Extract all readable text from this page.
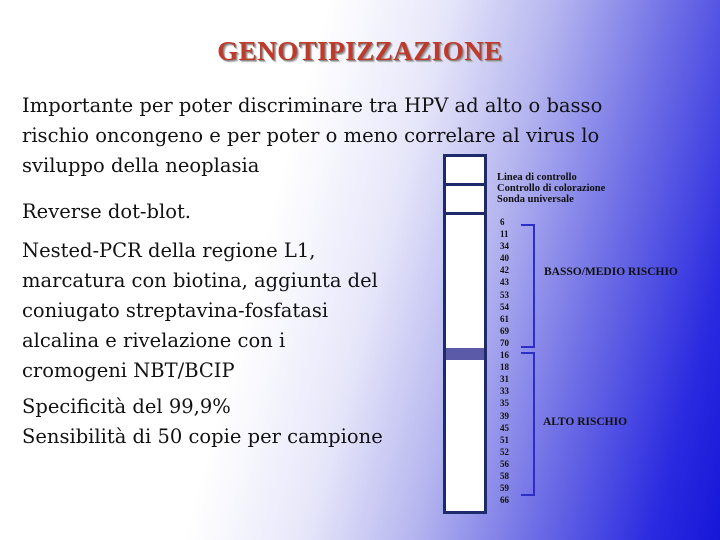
GENOTIPIZZAZIONE
Importante per poter discriminare tra HPV ad alto o basso
rischio oncongeno e per poter o meno correlare al virus lo
sviluppo della neoplasia
Reverse dot-blot.
Nested-PCR della regione L1,
marcatura con biotina, aggiunta del
coniugato streptavina-fosfatasi
alcalina e rivelazione con i
cromogeni NBT/BCIP
Specificità del 99,9%
Sensibilità di 50 copie per campione
Linea di controllo
Controllo di colorazione
Sonda universale
6
11
34
40
42
43
53
54
61
69
70
16
18
31
33
35
39
45
51
52
56
58
59
66
BASSO/MEDIO RISCHIO
ALTO RISCHIO
